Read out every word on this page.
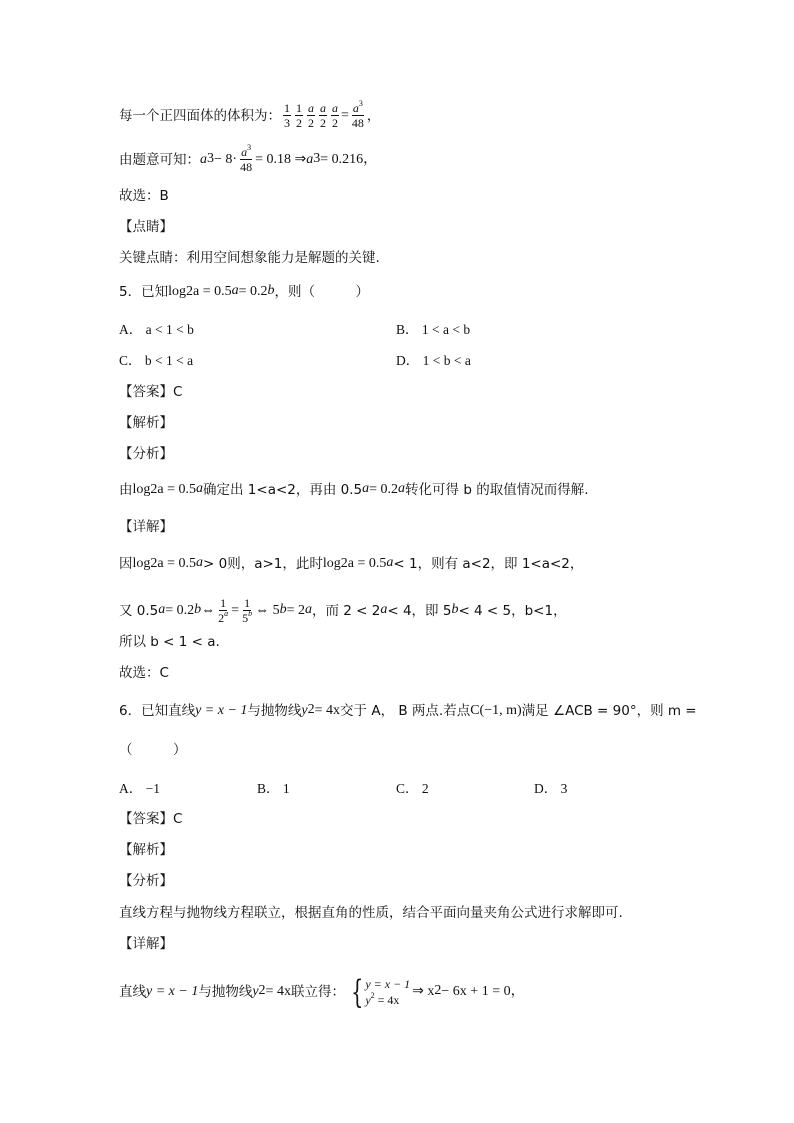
每一个正四面体的体积为： $\frac{1}{3} \frac{1}{2} \frac{a}{2} \frac{a}{2} \frac{a}{2} = \frac{a^3}{48}$ ，
由题意可知： $a^3 - 8\cdot \frac{a^3}{48} = 0.18$ ⇒ $a^3 = 0.216$，
故选：B
【点睛】
关键点睛：利用空间想象能力是解题的关键.
5．已知 log 2 a = 0.5$^a$ = 0.2$^b$ ，则（　　　）
A． a < 1 < b	B． 1 < a < b
C． b < 1 < a	D． 1 < b < a
【答案】C
【解析】
【分析】
由 log 2 a = 0.5$^a$ 确定出 1<a<2，再由 0.5$^a$ = 0.2$^a$ 转化可得 b 的取值情况而得解.
【详解】
因 log 2 a = 0.5$^a$ > 0则，a>1，此时 log 2 a = 0.5$^a$ < 1，则有 a<2，即 1<a<2，
又 0.5$^a$ = 0.2$^b$ ⇔ $\frac{1}{2^a} = \frac{1}{5^b}$ ⇔ $5^b = 2^a$ ，而 $2 < 2^a < 4$，即 $5^b < 4 < 5$，b<1，
所以 b < 1 < a.
故选：C
6．已知直线 y = x − 1 与抛物线 $y^2 = 4x$ 交于 A， B 两点.若点 C(−1, m) 满足 ∠ACB = 90°，则 m =
（　　　）
A． −1	B． 1	C． 2	D． 3
【答案】C
【解析】
【分析】
直线方程与抛物线方程联立，根据直角的性质，结合平面向量夹角公式进行求解即可.
【详解】
直线 y = x − 1 与抛物线 $y^2 = 4x$ 联立得： { y = x − 1
$y^2 = 4x$
⇒ $x^2 - 6x + 1 = 0$，
